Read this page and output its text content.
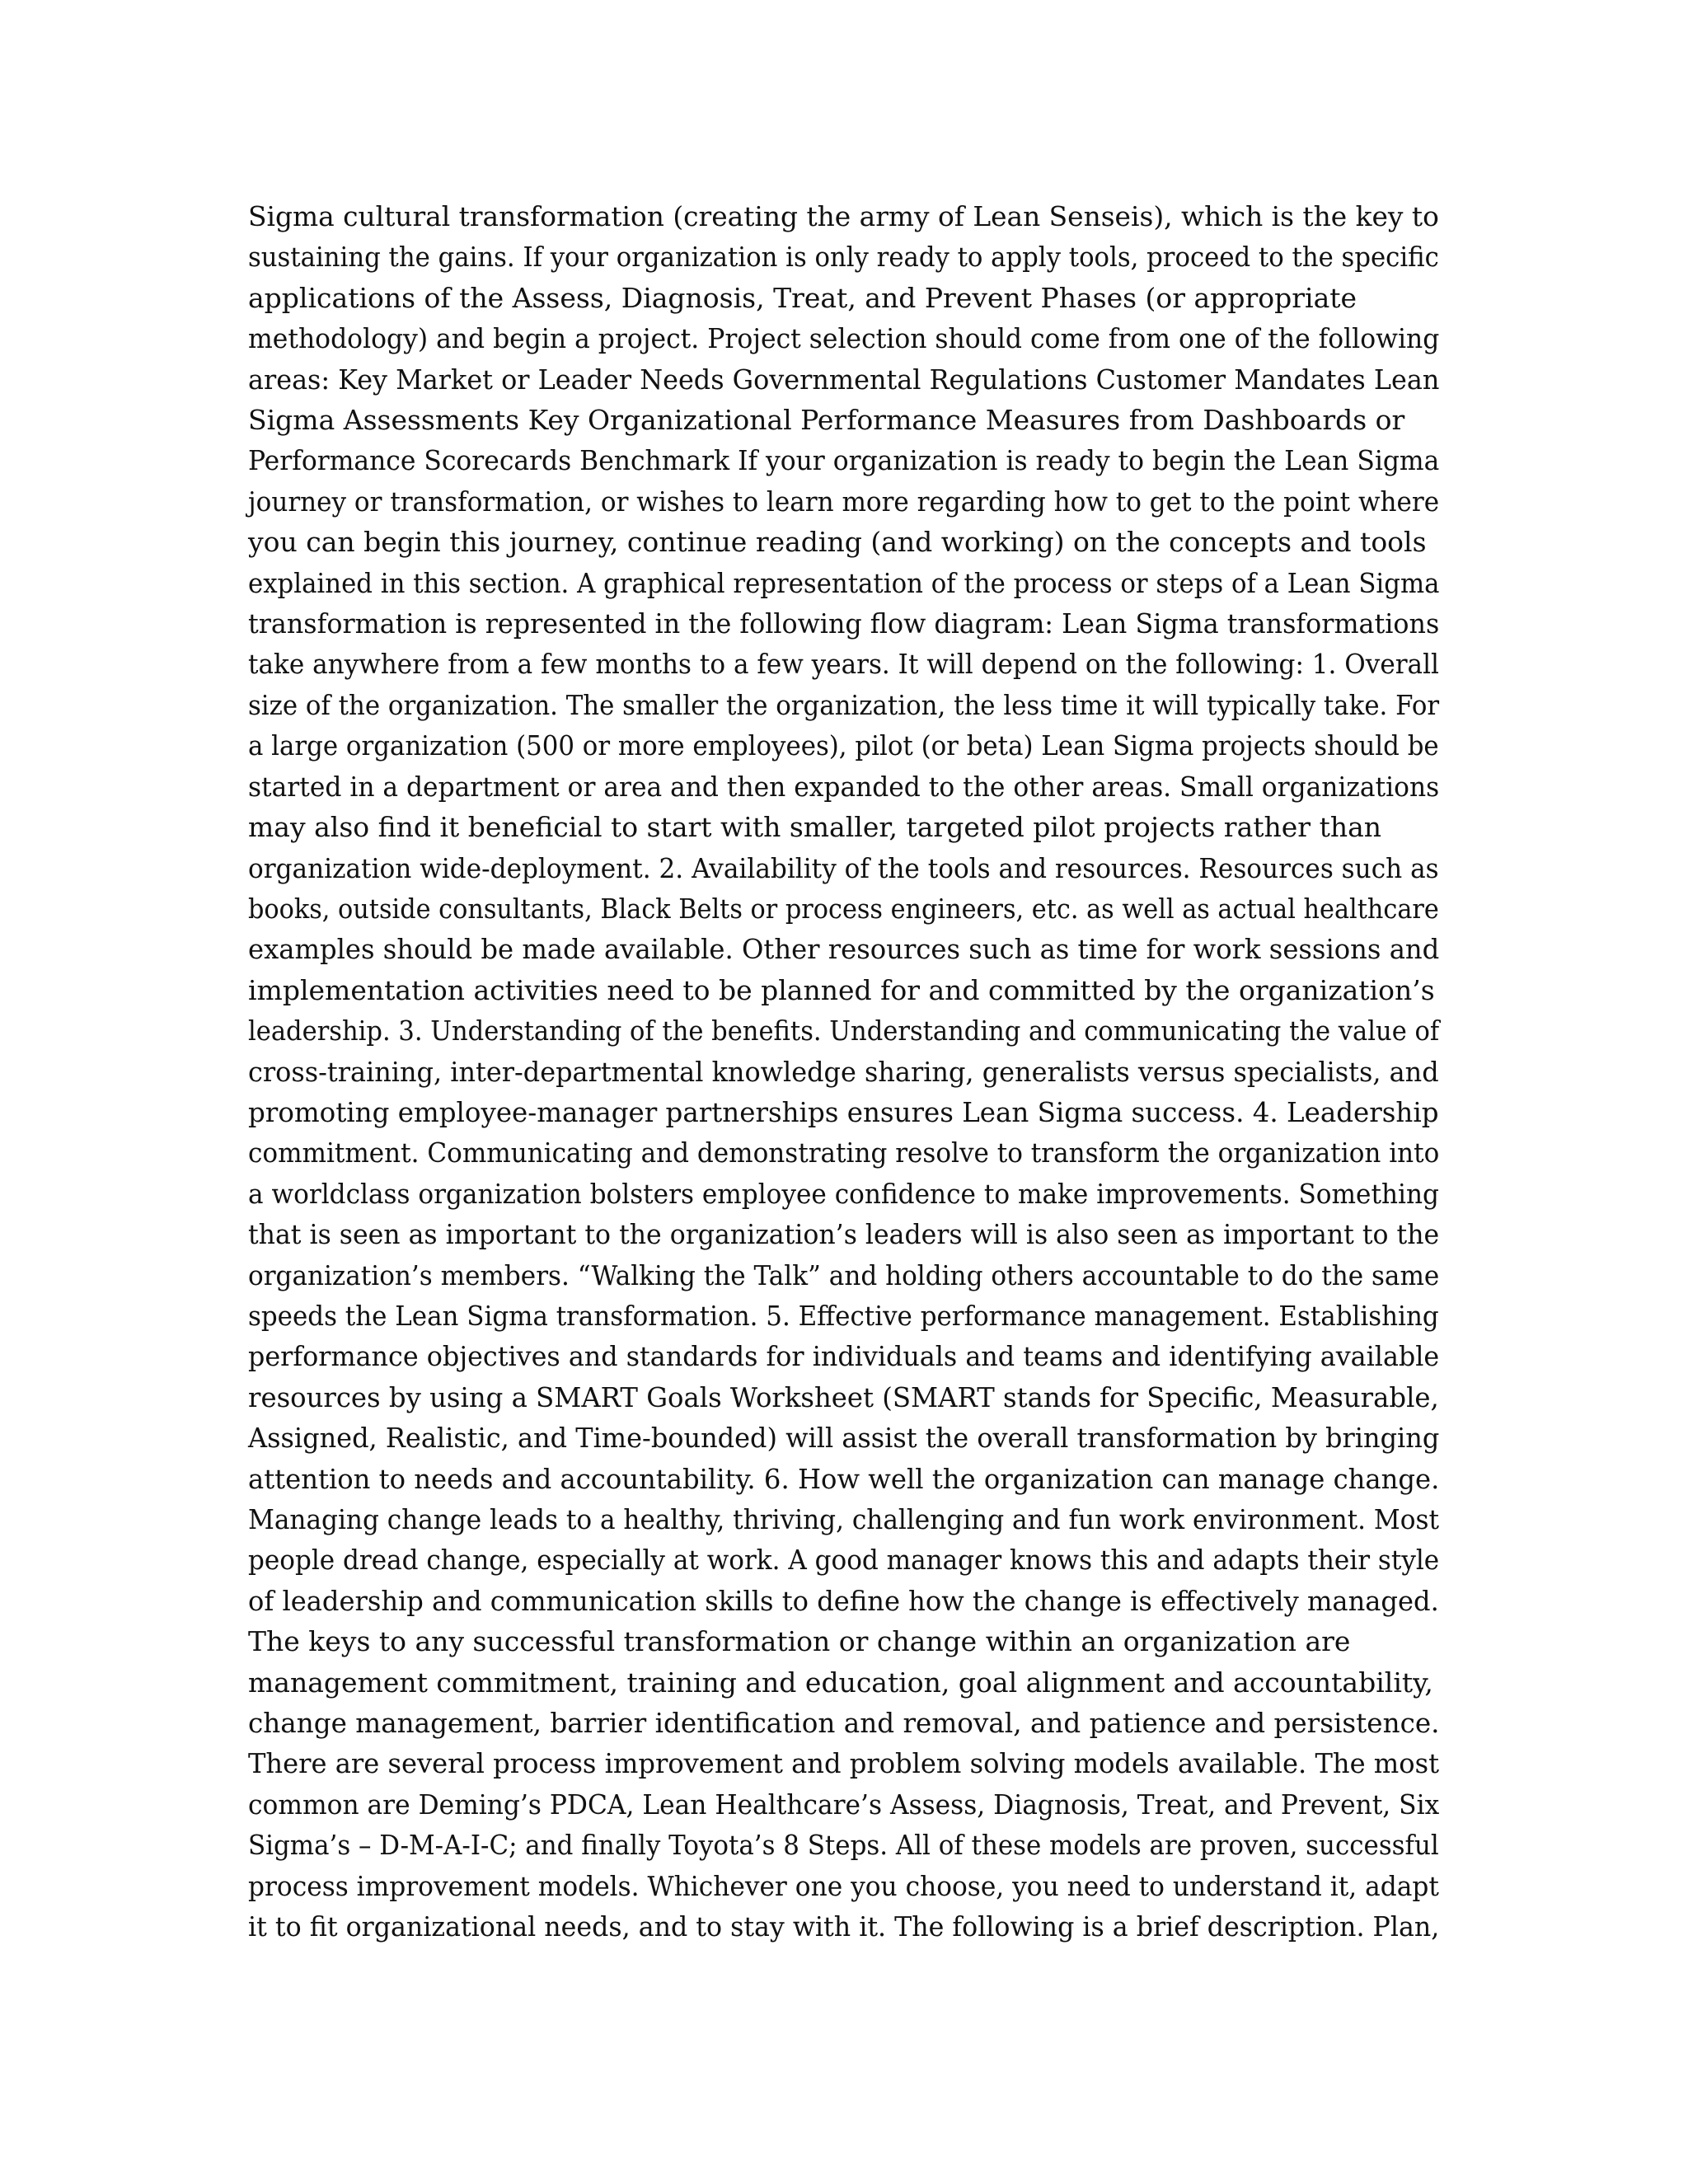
Sigma cultural transformation (creating the army of Lean Senseis), which is the key to
sustaining the gains. If your organization is only ready to apply tools, proceed to the specific
applications of the Assess, Diagnosis, Treat, and Prevent Phases (or appropriate
methodology) and begin a project. Project selection should come from one of the following
areas: Key Market or Leader Needs Governmental Regulations Customer Mandates Lean
Sigma Assessments Key Organizational Performance Measures from Dashboards or
Performance Scorecards Benchmark If your organization is ready to begin the Lean Sigma
journey or transformation, or wishes to learn more regarding how to get to the point where
you can begin this journey, continue reading (and working) on the concepts and tools
explained in this section. A graphical representation of the process or steps of a Lean Sigma
transformation is represented in the following flow diagram: Lean Sigma transformations
take anywhere from a few months to a few years. It will depend on the following: 1. Overall
size of the organization. The smaller the organization, the less time it will typically take. For
a large organization (500 or more employees), pilot (or beta) Lean Sigma projects should be
started in a department or area and then expanded to the other areas. Small organizations
may also find it beneficial to start with smaller, targeted pilot projects rather than
organization wide-deployment. 2. Availability of the tools and resources. Resources such as
books, outside consultants, Black Belts or process engineers, etc. as well as actual healthcare
examples should be made available. Other resources such as time for work sessions and
implementation activities need to be planned for and committed by the organization’s
leadership. 3. Understanding of the benefits. Understanding and communicating the value of
cross-training, inter-departmental knowledge sharing, generalists versus specialists, and
promoting employee-manager partnerships ensures Lean Sigma success. 4. Leadership
commitment. Communicating and demonstrating resolve to transform the organization into
a worldclass organization bolsters employee confidence to make improvements. Something
that is seen as important to the organization’s leaders will is also seen as important to the
organization’s members. “Walking the Talk” and holding others accountable to do the same
speeds the Lean Sigma transformation. 5. Effective performance management. Establishing
performance objectives and standards for individuals and teams and identifying available
resources by using a SMART Goals Worksheet (SMART stands for Specific, Measurable,
Assigned, Realistic, and Time-bounded) will assist the overall transformation by bringing
attention to needs and accountability. 6. How well the organization can manage change.
Managing change leads to a healthy, thriving, challenging and fun work environment. Most
people dread change, especially at work. A good manager knows this and adapts their style
of leadership and communication skills to define how the change is effectively managed.
The keys to any successful transformation or change within an organization are
management commitment, training and education, goal alignment and accountability,
change management, barrier identification and removal, and patience and persistence.
There are several process improvement and problem solving models available. The most
common are Deming’s PDCA, Lean Healthcare’s Assess, Diagnosis, Treat, and Prevent, Six
Sigma’s – D-M-A-I-C; and finally Toyota’s 8 Steps. All of these models are proven, successful
process improvement models. Whichever one you choose, you need to understand it, adapt
it to fit organizational needs, and to stay with it. The following is a brief description. Plan,
